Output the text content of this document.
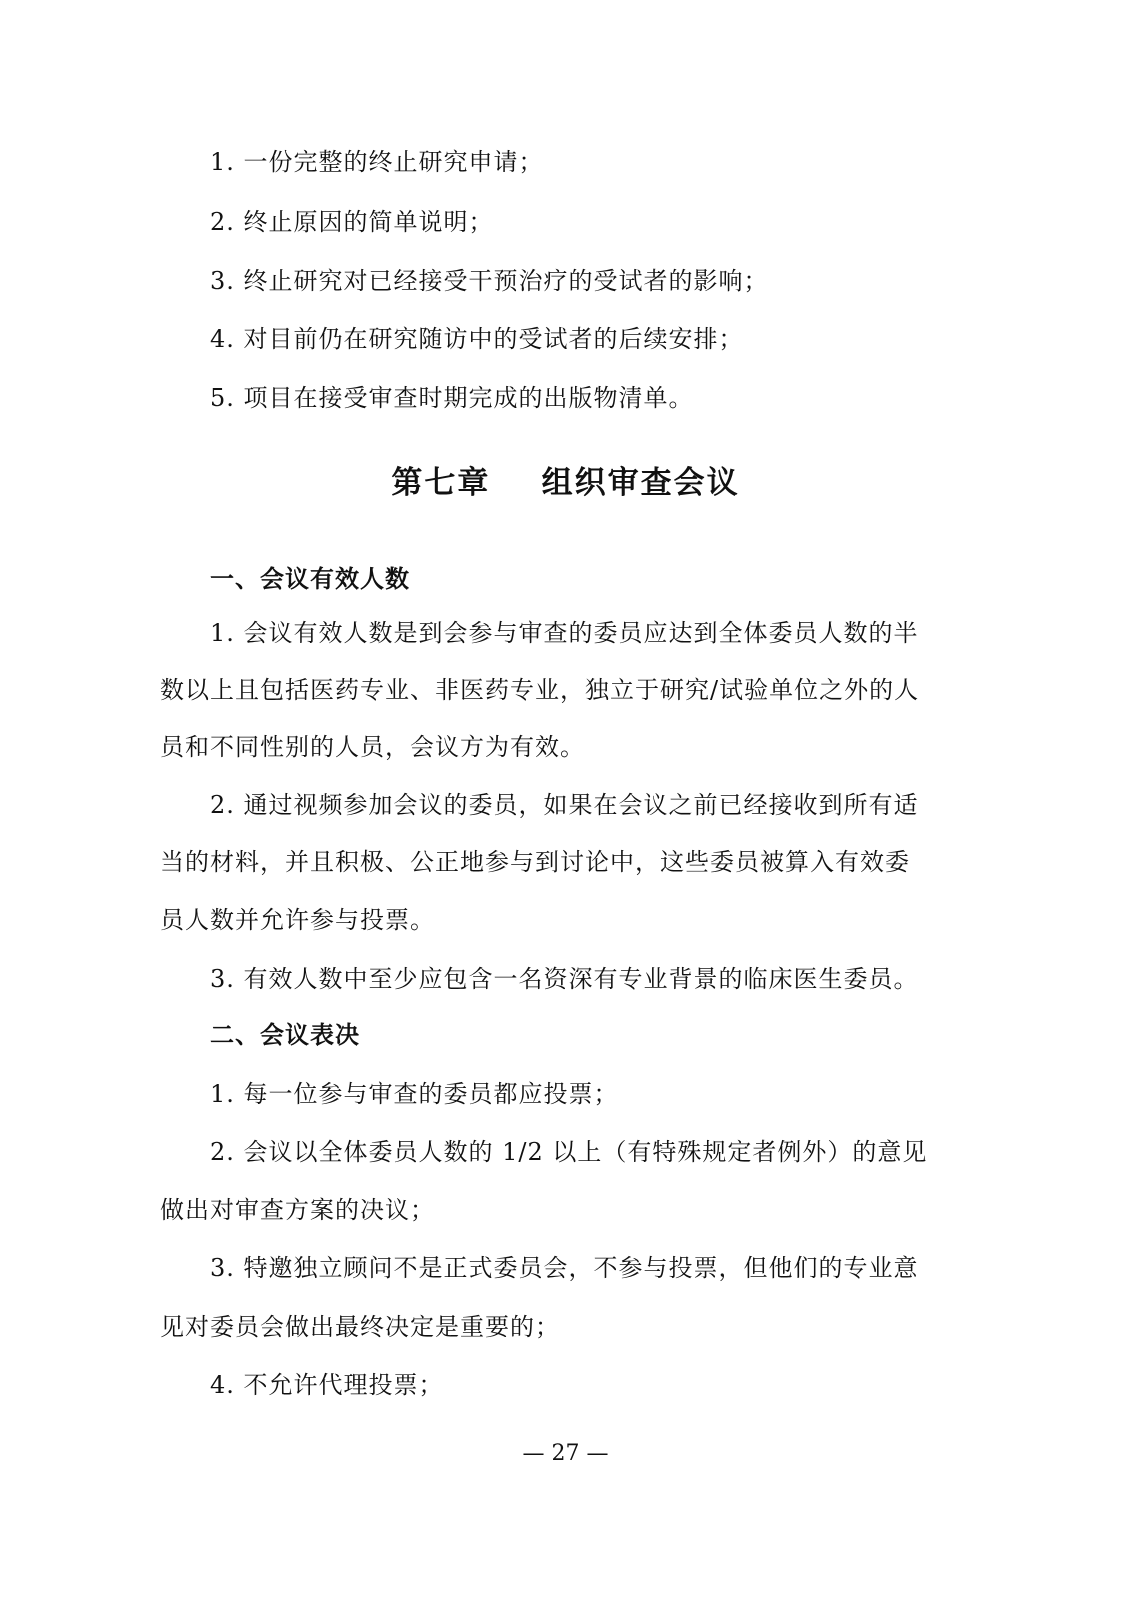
1. 一份完整的终止研究申请；
2. 终止原因的简单说明；
3. 终止研究对已经接受干预治疗的受试者的影响；
4. 对目前仍在研究随访中的受试者的后续安排；
5. 项目在接受审查时期完成的出版物清单。
第七章    组织审查会议
一、会议有效人数
1. 会议有效人数是到会参与审查的委员应达到全体委员人数的半
数以上且包括医药专业、非医药专业，独立于研究/试验单位之外的人
员和不同性别的人员，会议方为有效。
2. 通过视频参加会议的委员，如果在会议之前已经接收到所有适
当的材料，并且积极、公正地参与到讨论中，这些委员被算入有效委
员人数并允许参与投票。
3. 有效人数中至少应包含一名资深有专业背景的临床医生委员。
二、会议表决
1. 每一位参与审查的委员都应投票；
2. 会议以全体委员人数的 1/2 以上（有特殊规定者例外）的意见
做出对审查方案的决议；
3. 特邀独立顾问不是正式委员会，不参与投票，但他们的专业意
见对委员会做出最终决定是重要的；
4. 不允许代理投票；
— 27 —
